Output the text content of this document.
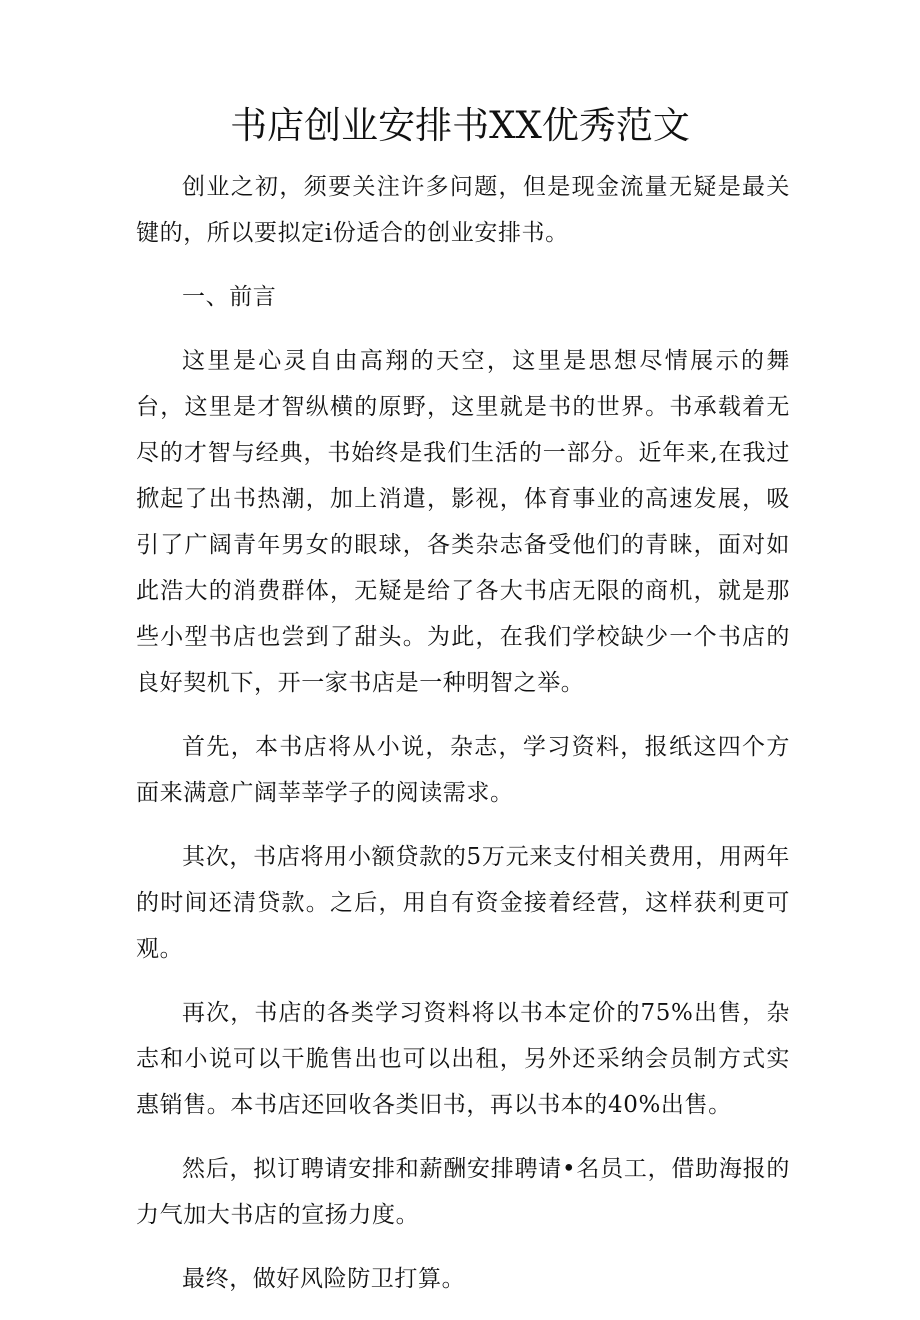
书店创业安排书XX优秀范文

创业之初，须要关注许多问题，但是现金流量无疑是最关键的，所以要拟定i份适合的创业安排书。

一、前言

这里是心灵自由高翔的天空，这里是思想尽情展示的舞台，这里是才智纵横的原野，这里就是书的世界。书承载着无尽的才智与经典，书始终是我们生活的一部分。近年来,在我过掀起了出书热潮，加上消遣，影视，体育事业的高速发展，吸引了广阔青年男女的眼球，各类杂志备受他们的青睐，面对如此浩大的消费群体，无疑是给了各大书店无限的商机，就是那些小型书店也尝到了甜头。为此，在我们学校缺少一个书店的良好契机下，开一家书店是一种明智之举。

首先，本书店将从小说，杂志，学习资料，报纸这四个方面来满意广阔莘莘学子的阅读需求。

其次，书店将用小额贷款的5万元来支付相关费用，用两年的时间还清贷款。之后，用自有资金接着经营，这样获利更可观。

再次，书店的各类学习资料将以书本定价的75%出售，杂志和小说可以干脆售出也可以出租，另外还采纳会员制方式实惠销售。本书店还回收各类旧书，再以书本的40%出售。

然后，拟订聘请安排和薪酬安排聘请•名员工，借助海报的力气加大书店的宣扬力度。

最终，做好风险防卫打算。
